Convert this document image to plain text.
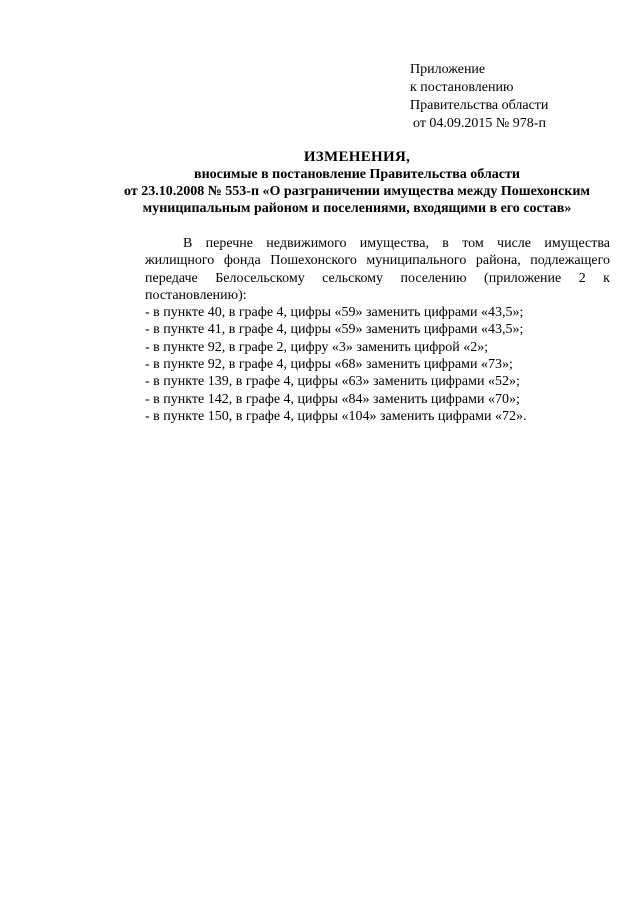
Приложение
к постановлению
Правительства области
от 04.09.2015 № 978-п
ИЗМЕНЕНИЯ,
вносимые в постановление Правительства области
от 23.10.2008 № 553-п «О разграничении имущества между Пошехонским
муниципальным районом и поселениями, входящими в его состав»
В перечне недвижимого имущества, в том числе имущества
жилищного фонда Пошехонского муниципального района, подлежащего
передаче Белосельскому сельскому поселению (приложение 2 к
постановлению):
- в пункте 40, в графе 4, цифры «59» заменить цифрами «43,5»;
- в пункте 41, в графе 4, цифры «59» заменить цифрами «43,5»;
- в пункте 92, в графе 2, цифру «3» заменить цифрой «2»;
- в пункте 92, в графе 4, цифры «68» заменить цифрами «73»;
- в пункте 139, в графе 4, цифры «63» заменить цифрами «52»;
- в пункте 142, в графе 4, цифры «84» заменить цифрами «70»;
- в пункте 150, в графе 4, цифры «104» заменить цифрами «72».
